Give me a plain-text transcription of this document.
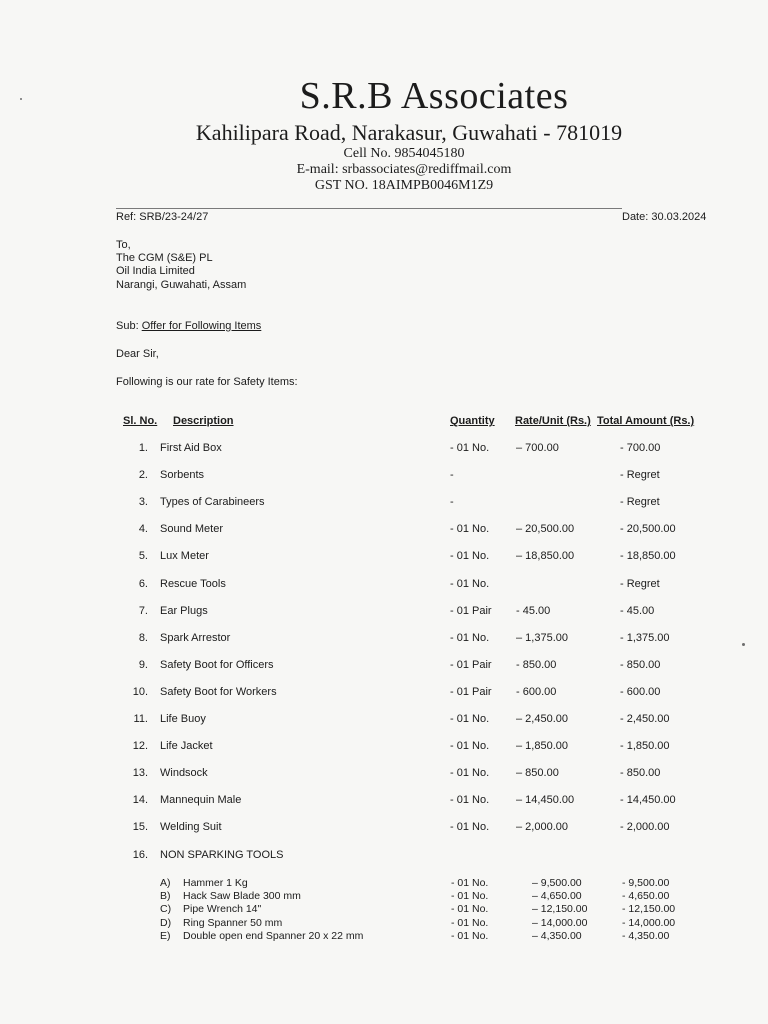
S.R.B Associates
Kahilipara Road, Narakasur, Guwahati - 781019
Cell No. 9854045180
E-mail: srbassociates@rediffmail.com
GST NO. 18AIMPB0046M1Z9
Ref: SRB/23-24/27	Date: 30.03.2024
To,
The CGM (S&E) PL
Oil India Limited
Narangi, Guwahati, Assam
Sub: Offer for Following Items
Dear Sir,
Following is our rate for Safety Items:
Sl. No. Description	Quantity Rate/Unit (Rs.) Total Amount (Rs.)
1. First Aid Box	- 01 No. – 700.00	- 700.00
2. Sorbents	-	- Regret
3. Types of Carabineers	-	- Regret
4. Sound Meter	- 01 No. – 20,500.00	- 20,500.00
5. Lux Meter	- 01 No. – 18,850.00	- 18,850.00
6. Rescue Tools	- 01 No.	- Regret
7. Ear Plugs	- 01 Pair - 45.00	- 45.00
8. Spark Arrestor	- 01 No. – 1,375.00	- 1,375.00
9. Safety Boot for Officers	- 01 Pair - 850.00	- 850.00
10. Safety Boot for Workers	- 01 Pair - 600.00	- 600.00
11. Life Buoy	- 01 No. – 2,450.00	- 2,450.00
12. Life Jacket	- 01 No. – 1,850.00	- 1,850.00
13. Windsock	- 01 No. – 850.00	- 850.00
14. Mannequin Male	- 01 No. – 14,450.00	- 14,450.00
15. Welding Suit	- 01 No. – 2,000.00	- 2,000.00
16. NON SPARKING TOOLS
A) Hammer 1 Kg	- 01 No.	– 9,500.00	- 9,500.00
B) Hack Saw Blade 300 mm	- 01 No.	– 4,650.00	- 4,650.00
C) Pipe Wrench 14"	- 01 No.	– 12,150.00	- 12,150.00
D) Ring Spanner 50 mm	- 01 No.	– 14,000.00	- 14,000.00
E) Double open end Spanner 20 x 22 mm	- 01 No.	– 4,350.00	- 4,350.00
